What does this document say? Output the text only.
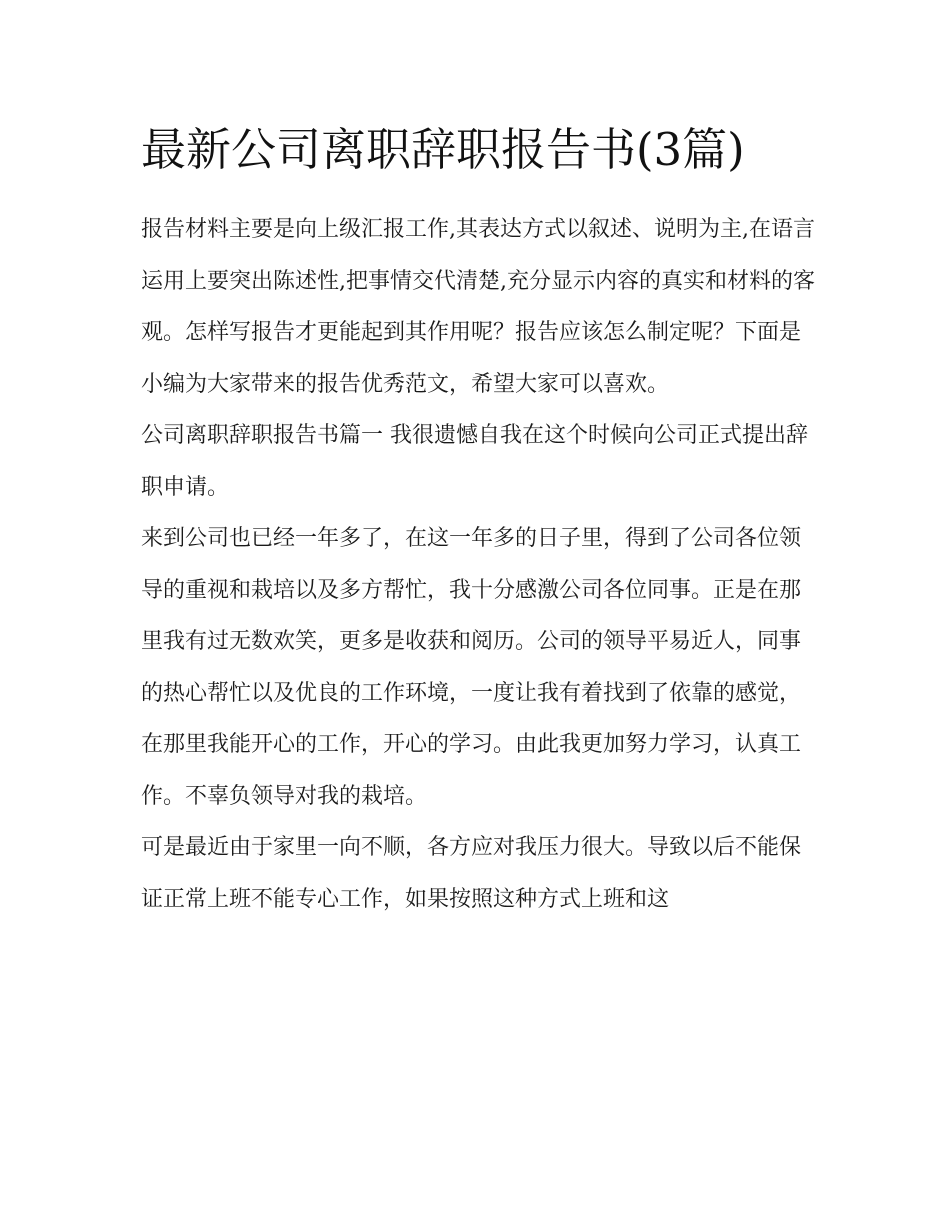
最新公司离职辞职报告书(3篇)

报告材料主要是向上级汇报工作,其表达方式以叙述、说明为主,在语言运用上要突出陈述性,把事情交代清楚,充分显示内容的真实和材料的客观。怎样写报告才更能起到其作用呢？报告应该怎么制定呢？下面是小编为大家带来的报告优秀范文，希望大家可以喜欢。

公司离职辞职报告书篇一 我很遗憾自我在这个时候向公司正式提出辞职申请。

来到公司也已经一年多了，在这一年多的日子里，得到了公司各位领导的重视和栽培以及多方帮忙，我十分感激公司各位同事。正是在那里我有过无数欢笑，更多是收获和阅历。公司的领导平易近人，同事的热心帮忙以及优良的工作环境，一度让我有着找到了依靠的感觉，在那里我能开心的工作，开心的学习。由此我更加努力学习，认真工作。不辜负领导对我的栽培。

可是最近由于家里一向不顺，各方应对我压力很大。导致以后不能保证正常上班不能专心工作，如果按照这种方式上班和这
